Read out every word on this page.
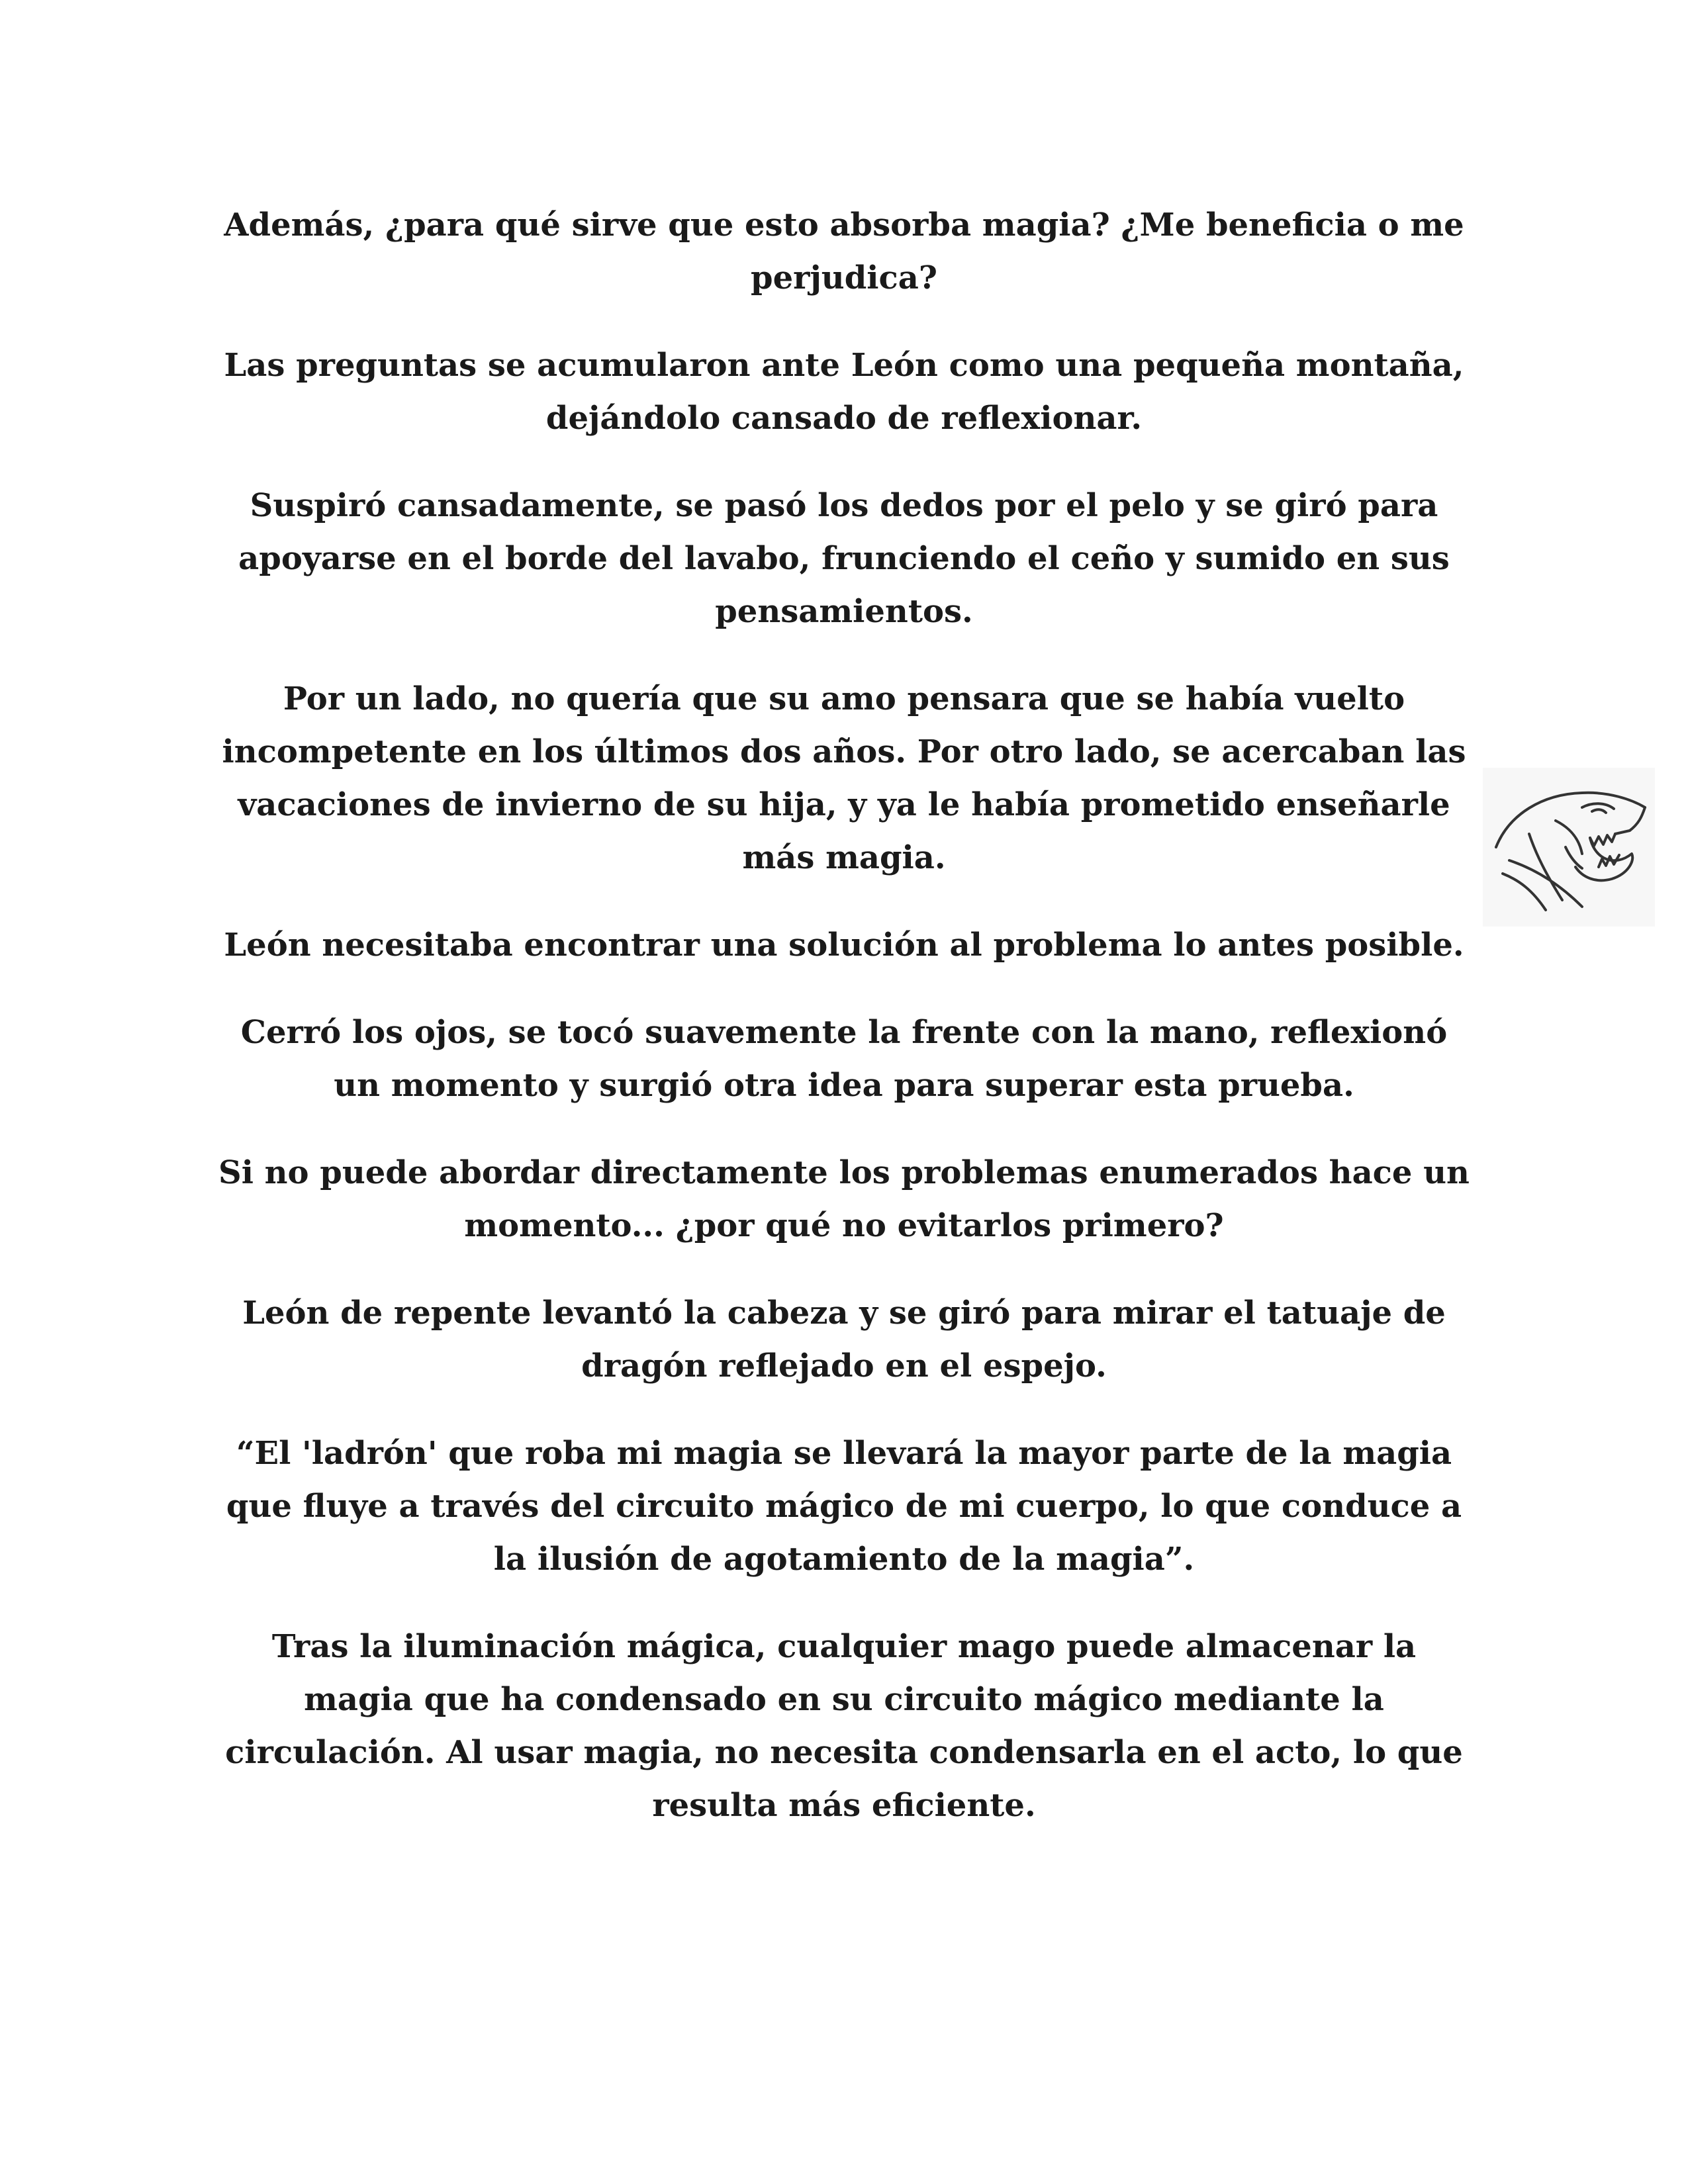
Además, ¿para qué sirve que esto absorba magia? ¿Me beneficia o me perjudica?

Las preguntas se acumularon ante León como una pequeña montaña, dejándolo cansado de reflexionar.

Suspiró cansadamente, se pasó los dedos por el pelo y se giró para apoyarse en el borde del lavabo, frunciendo el ceño y sumido en sus pensamientos.

Por un lado, no quería que su amo pensara que se había vuelto incompetente en los últimos dos años. Por otro lado, se acercaban las vacaciones de invierno de su hija, y ya le había prometido enseñarle más magia.

León necesitaba encontrar una solución al problema lo antes posible.

Cerró los ojos, se tocó suavemente la frente con la mano, reflexionó un momento y surgió otra idea para superar esta prueba.

Si no puede abordar directamente los problemas enumerados hace un momento... ¿por qué no evitarlos primero?

León de repente levantó la cabeza y se giró para mirar el tatuaje de dragón reflejado en el espejo.

“El 'ladrón' que roba mi magia se llevará la mayor parte de la magia que fluye a través del circuito mágico de mi cuerpo, lo que conduce a la ilusión de agotamiento de la magia”.

Tras la iluminación mágica, cualquier mago puede almacenar la magia que ha condensado en su circuito mágico mediante la circulación. Al usar magia, no necesita condensarla en el acto, lo que resulta más eficiente.
